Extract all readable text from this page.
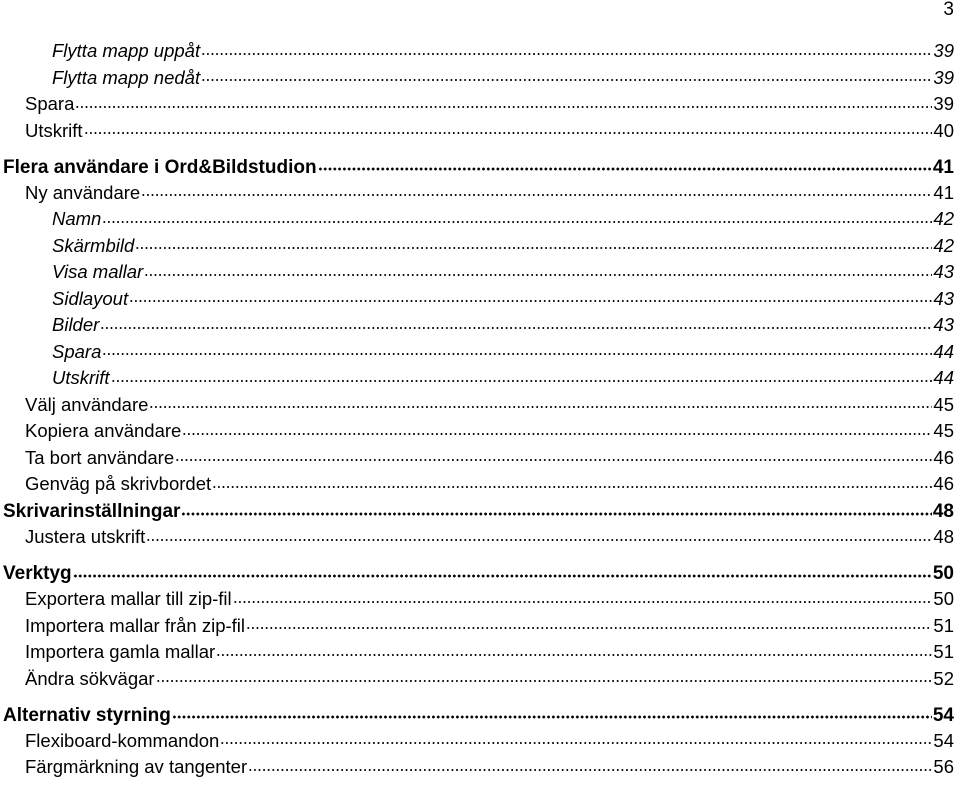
3
Flytta mapp uppåt	39
Flytta mapp nedåt	39
Spara	39
Utskrift	40
Flera användare i Ord&Bildstudion	41
Ny användare	41
Namn	42
Skärmbild	42
Visa mallar	43
Sidlayout	43
Bilder	43
Spara	44
Utskrift	44
Välj användare	45
Kopiera användare	45
Ta bort användare	46
Genväg på skrivbordet	46
Skrivarinställningar	48
Justera utskrift	48
Verktyg	50
Exportera mallar till zip-fil	50
Importera mallar från zip-fil	51
Importera gamla mallar	51
Ändra sökvägar	52
Alternativ styrning	54
Flexiboard-kommandon	54
Färgmärkning av tangenter	56
